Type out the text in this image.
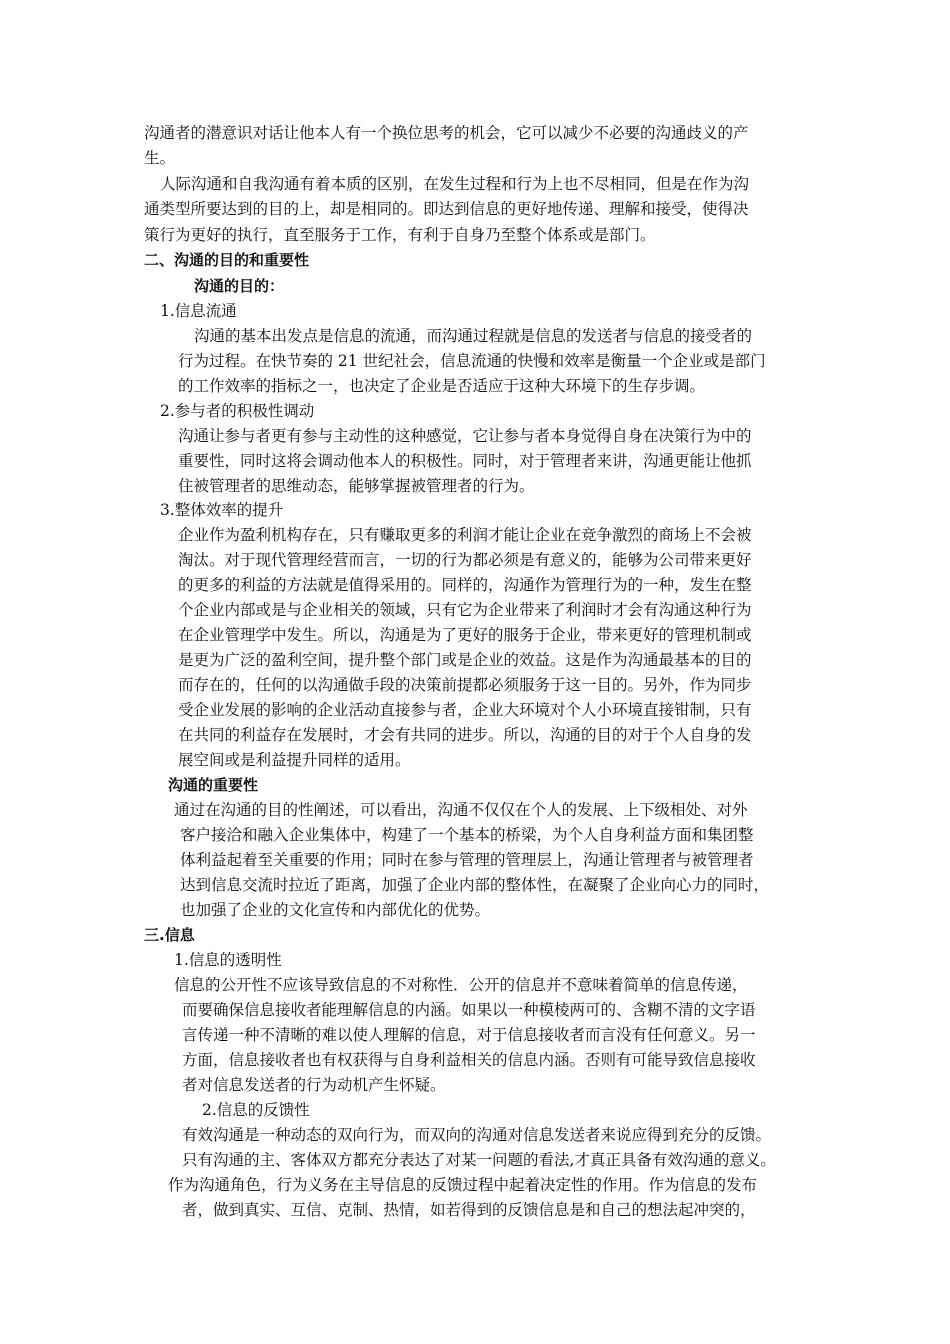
沟通者的潜意识对话让他本人有一个换位思考的机会，它可以减少不必要的沟通歧义的产
生。
人际沟通和自我沟通有着本质的区别，在发生过程和行为上也不尽相同，但是在作为沟
通类型所要达到的目的上，却是相同的。即达到信息的更好地传递、理解和接受，使得决
策行为更好的执行，直至服务于工作，有利于自身乃至整个体系或是部门。
二、沟通的目的和重要性
沟通的目的：
1.信息流通
沟通的基本出发点是信息的流通，而沟通过程就是信息的发送者与信息的接受者的
行为过程。在快节奏的 21 世纪社会，信息流通的快慢和效率是衡量一个企业或是部门
的工作效率的指标之一，也决定了企业是否适应于这种大环境下的生存步调。
2.参与者的积极性调动
沟通让参与者更有参与主动性的这种感觉，它让参与者本身觉得自身在决策行为中的
重要性，同时这将会调动他本人的积极性。同时，对于管理者来讲，沟通更能让他抓
住被管理者的思维动态，能够掌握被管理者的行为。
3.整体效率的提升
企业作为盈利机构存在，只有赚取更多的利润才能让企业在竞争激烈的商场上不会被
淘汰。对于现代管理经营而言，一切的行为都必须是有意义的，能够为公司带来更好
的更多的利益的方法就是值得采用的。同样的，沟通作为管理行为的一种，发生在整
个企业内部或是与企业相关的领域，只有它为企业带来了利润时才会有沟通这种行为
在企业管理学中发生。所以，沟通是为了更好的服务于企业，带来更好的管理机制或
是更为广泛的盈利空间，提升整个部门或是企业的效益。这是作为沟通最基本的目的
而存在的，任何的以沟通做手段的决策前提都必须服务于这一目的。另外，作为同步
受企业发展的影响的企业活动直接参与者，企业大环境对个人小环境直接钳制，只有
在共同的利益存在发展时，才会有共同的进步。所以，沟通的目的对于个人自身的发
展空间或是利益提升同样的适用。
沟通的重要性
通过在沟通的目的性阐述，可以看出，沟通不仅仅在个人的发展、上下级相处、对外
客户接洽和融入企业集体中，构建了一个基本的桥梁，为个人自身利益方面和集团整
体利益起着至关重要的作用；同时在参与管理的管理层上，沟通让管理者与被管理者
达到信息交流时拉近了距离，加强了企业内部的整体性，在凝聚了企业向心力的同时，
也加强了企业的文化宣传和内部优化的优势。
三.信息
1.信息的透明性
信息的公开性不应该导致信息的不对称性．公开的信息并不意味着简单的信息传递，
而要确保信息接收者能理解信息的内涵。如果以一种模棱两可的、含糊不清的文字语
言传递一种不清晰的难以使人理解的信息，对于信息接收者而言没有任何意义。另一
方面，信息接收者也有权获得与自身利益相关的信息内涵。否则有可能导致信息接收
者对信息发送者的行为动机产生怀疑。
2.信息的反馈性
有效沟通是一种动态的双向行为，而双向的沟通对信息发送者来说应得到充分的反馈。
只有沟通的主、客体双方都充分表达了对某一问题的看法,才真正具备有效沟通的意义。
作为沟通角色，行为义务在主导信息的反馈过程中起着决定性的作用。作为信息的发布
者，做到真实、互信、克制、热情，如若得到的反馈信息是和自己的想法起冲突的，
